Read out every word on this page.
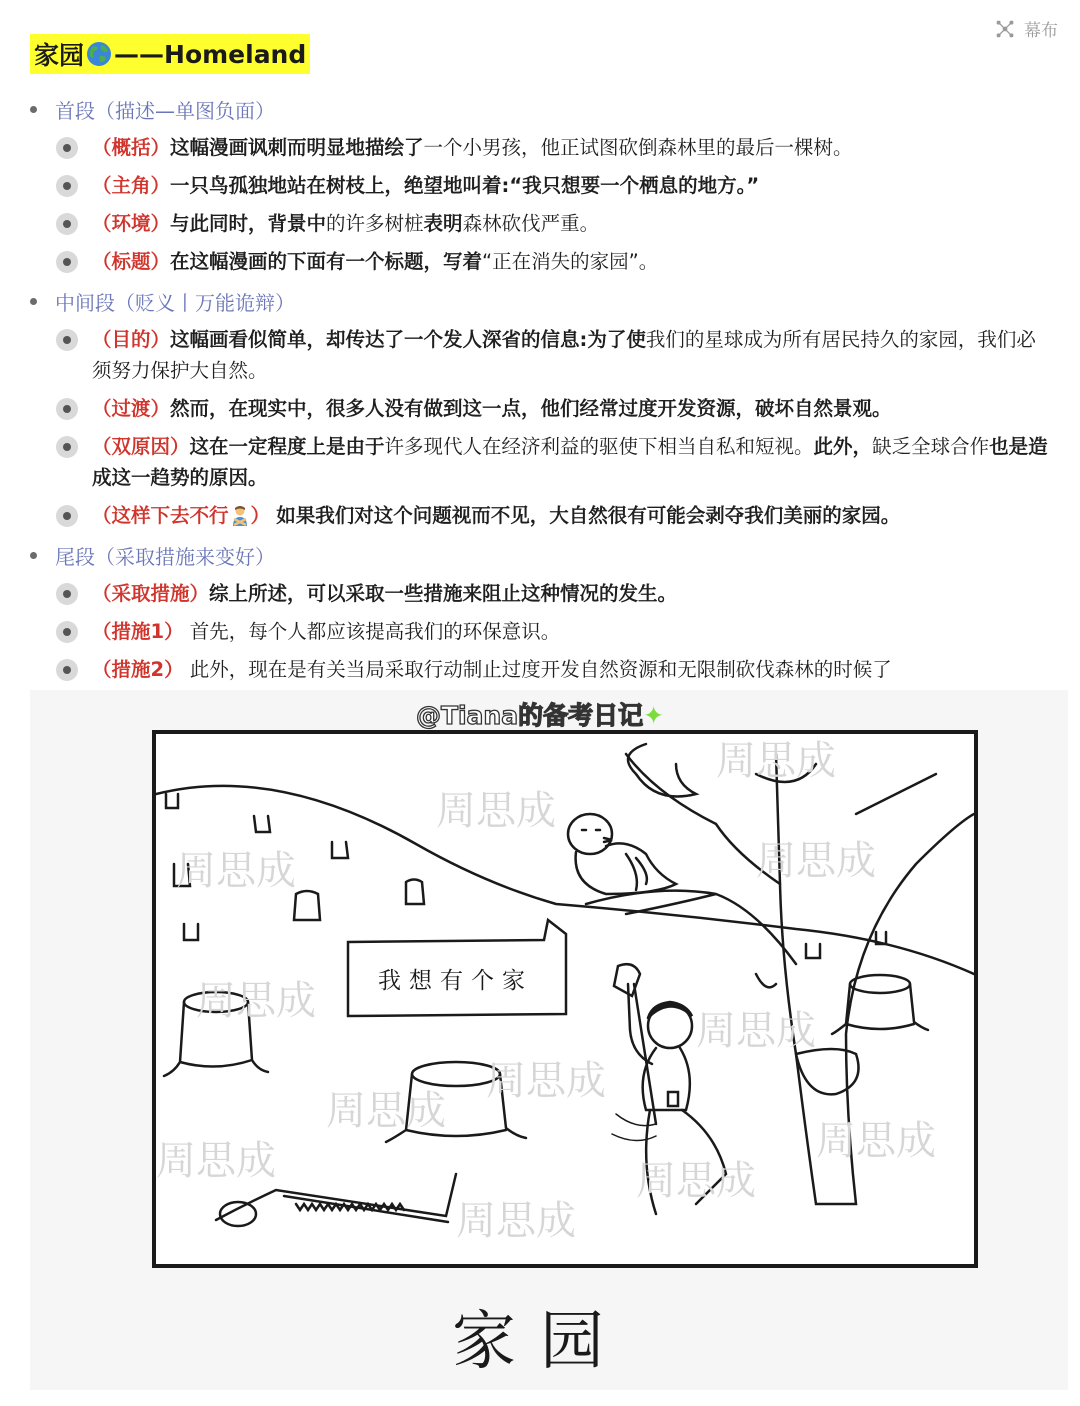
幕布
家园 ——Homeland
首段（描述—单图负面）
（概括）这幅漫画讽刺而明显地描绘了一个小男孩，他正试图砍倒森林里的最后一棵树。
（主角）一只鸟孤独地站在树枝上，绝望地叫着:“我只想要一个栖息的地方。”
（环境）与此同时，背景中的许多树桩表明森林砍伐严重。
（标题）在这幅漫画的下面有一个标题，写着“正在消失的家园”。
中间段（贬义丨万能诡辩）
（目的）这幅画看似简单，却传达了一个发人深省的信息:为了使我们的星球成为所有居民持久的家园，我们必须努力保护大自然。
（过渡）然而，在现实中，很多人没有做到这一点，他们经常过度开发资源，破坏自然景观。
（双原因）这在一定程度上是由于许多现代人在经济利益的驱使下相当自私和短视。此外，缺乏全球合作也是造成这一趋势的原因。
（这样下去不行 ） 如果我们对这个问题视而不见，大自然很有可能会剥夺我们美丽的家园。
尾段（采取措施来变好）
（采取措施）综上所述，可以采取一些措施来阻止这种情况的发生。
（措施1） 首先，每个人都应该提高我们的环保意识。
（措施2） 此外，现在是有关当局采取行动制止过度开发自然资源和无限制砍伐森林的时候了
@Tiana的备考日记✦
周思成
周思成
周思成
周思成
周思成
周思成
周思成
周思成
周思成
周思成
周思成
周思成
我想有个家
家园
